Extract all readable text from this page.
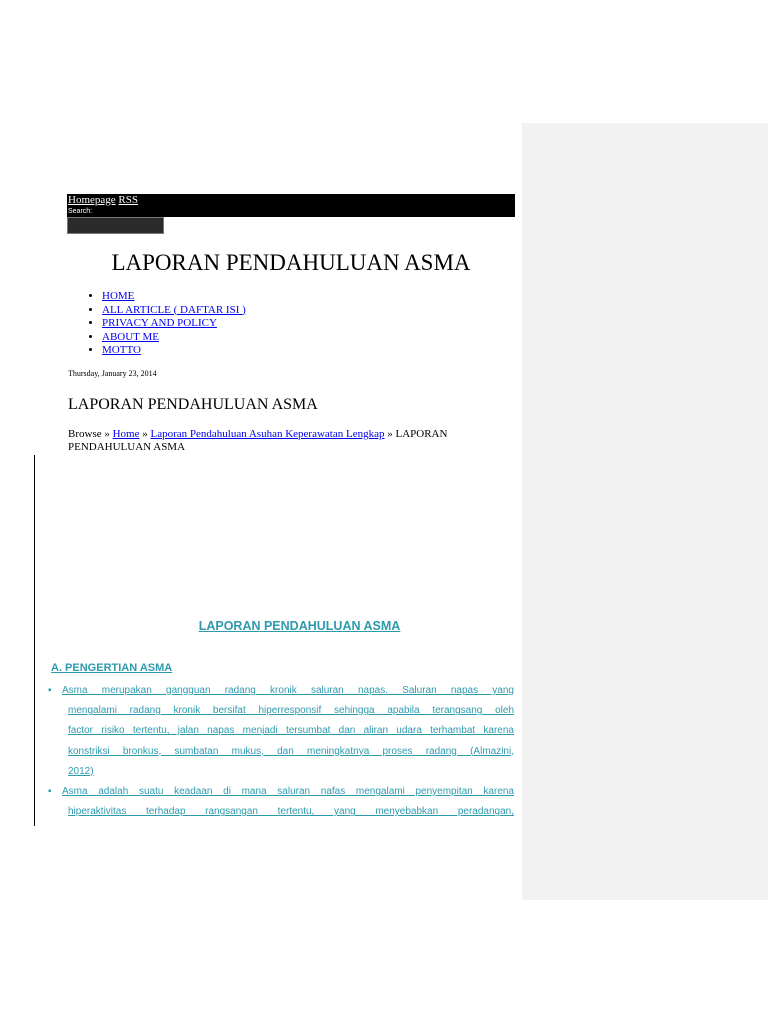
Homepage RSS
Search:
LAPORAN PENDAHULUAN ASMA
• HOME
• ALL ARTICLE ( DAFTAR ISI )
• PRIVACY AND POLICY
• ABOUT ME
• MOTTO
Thursday, January 23, 2014
LAPORAN PENDAHULUAN ASMA
Browse » Home » Laporan Pendahuluan Asuhan Keperawatan Lengkap » LAPORAN
PENDAHULUAN ASMA
LAPORAN PENDAHULUAN ASMA
A. PENGERTIAN ASMA
▪ Asma merupakan gangguan radang kronik saluran napas. Saluran napas yang
mengalami radang kronik bersifat hiperresponsif sehingga apabila terangsang oleh
factor risiko tertentu, jalan napas menjadi tersumbat dan aliran udara terhambat karena
konstriksi bronkus, sumbatan mukus, dan meningkatnya proses radang (Almazini,
2012)
▪ Asma adalah suatu keadaan di mana saluran nafas mengalami penyempitan karena
hiperaktivitas terhadap rangsangan tertentu, yang menyebabkan peradangan,
